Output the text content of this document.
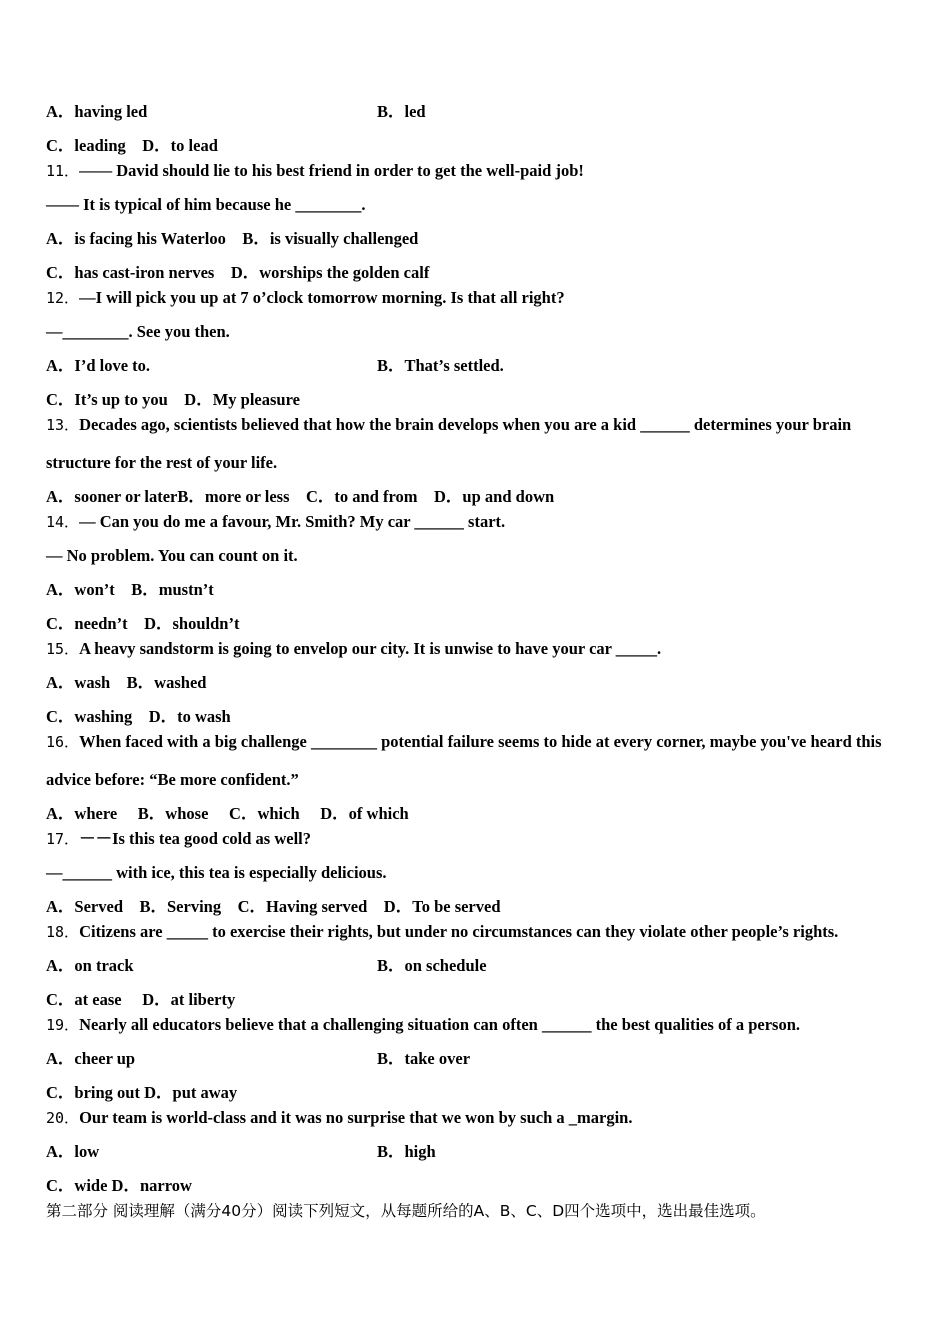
A．having led	B．led
C．leading　D．to lead
11．—— David should lie to his best friend in order to get the well-paid job!
—— It is typical of him because he ________.
A．is facing his Waterloo　B．is visually challenged
C．has cast-iron nerves　D．worships the golden calf
12．—I will pick you up at 7 o’clock tomorrow morning. Is that all right?
—________. See you then.
A．I’d love to.	B．That’s settled.
C．It’s up to you　D．My pleasure
13．Decades ago, scientists believed that how the brain develops when you are a kid ______ determines your brain
structure for the rest of your life.
A．sooner or laterB．more or less　C．to and from　D．up and down
14．— Can you do me a favour, Mr. Smith? My car ______ start.
— No problem. You can count on it.
A．won’t　B．mustn’t
C．needn’t　D．shouldn’t
15．A heavy sandstorm is going to envelop our city. It is unwise to have your car _____.
A．wash　B．washed
C．washing　D．to wash
16．When faced with a big challenge ________ potential failure seems to hide at every corner, maybe you've heard this
advice before: “Be more confident.”
A．where　 B．whose　 C．which　 D．of which
17．－－Is this tea good cold as well?
—______ with ice, this tea is especially delicious.
A．Served　B．Serving　C．Having served　D．To be served
18．Citizens are _____ to exercise their rights, but under no circumstances can they violate other people’s rights.
A．on track	B．on schedule
C．at ease　 D．at liberty
19．Nearly all educators believe that a challenging situation can often ______ the best qualities of a person.
A．cheer up	B．take over
C．bring out D．put away
20．Our team is world-class and it was no surprise that we won by such a _margin.
A．low	B．high
C．wide D．narrow
第二部分 阅读理解（满分40分）阅读下列短文，从每题所给的A、B、C、D四个选项中，选出最佳选项。
